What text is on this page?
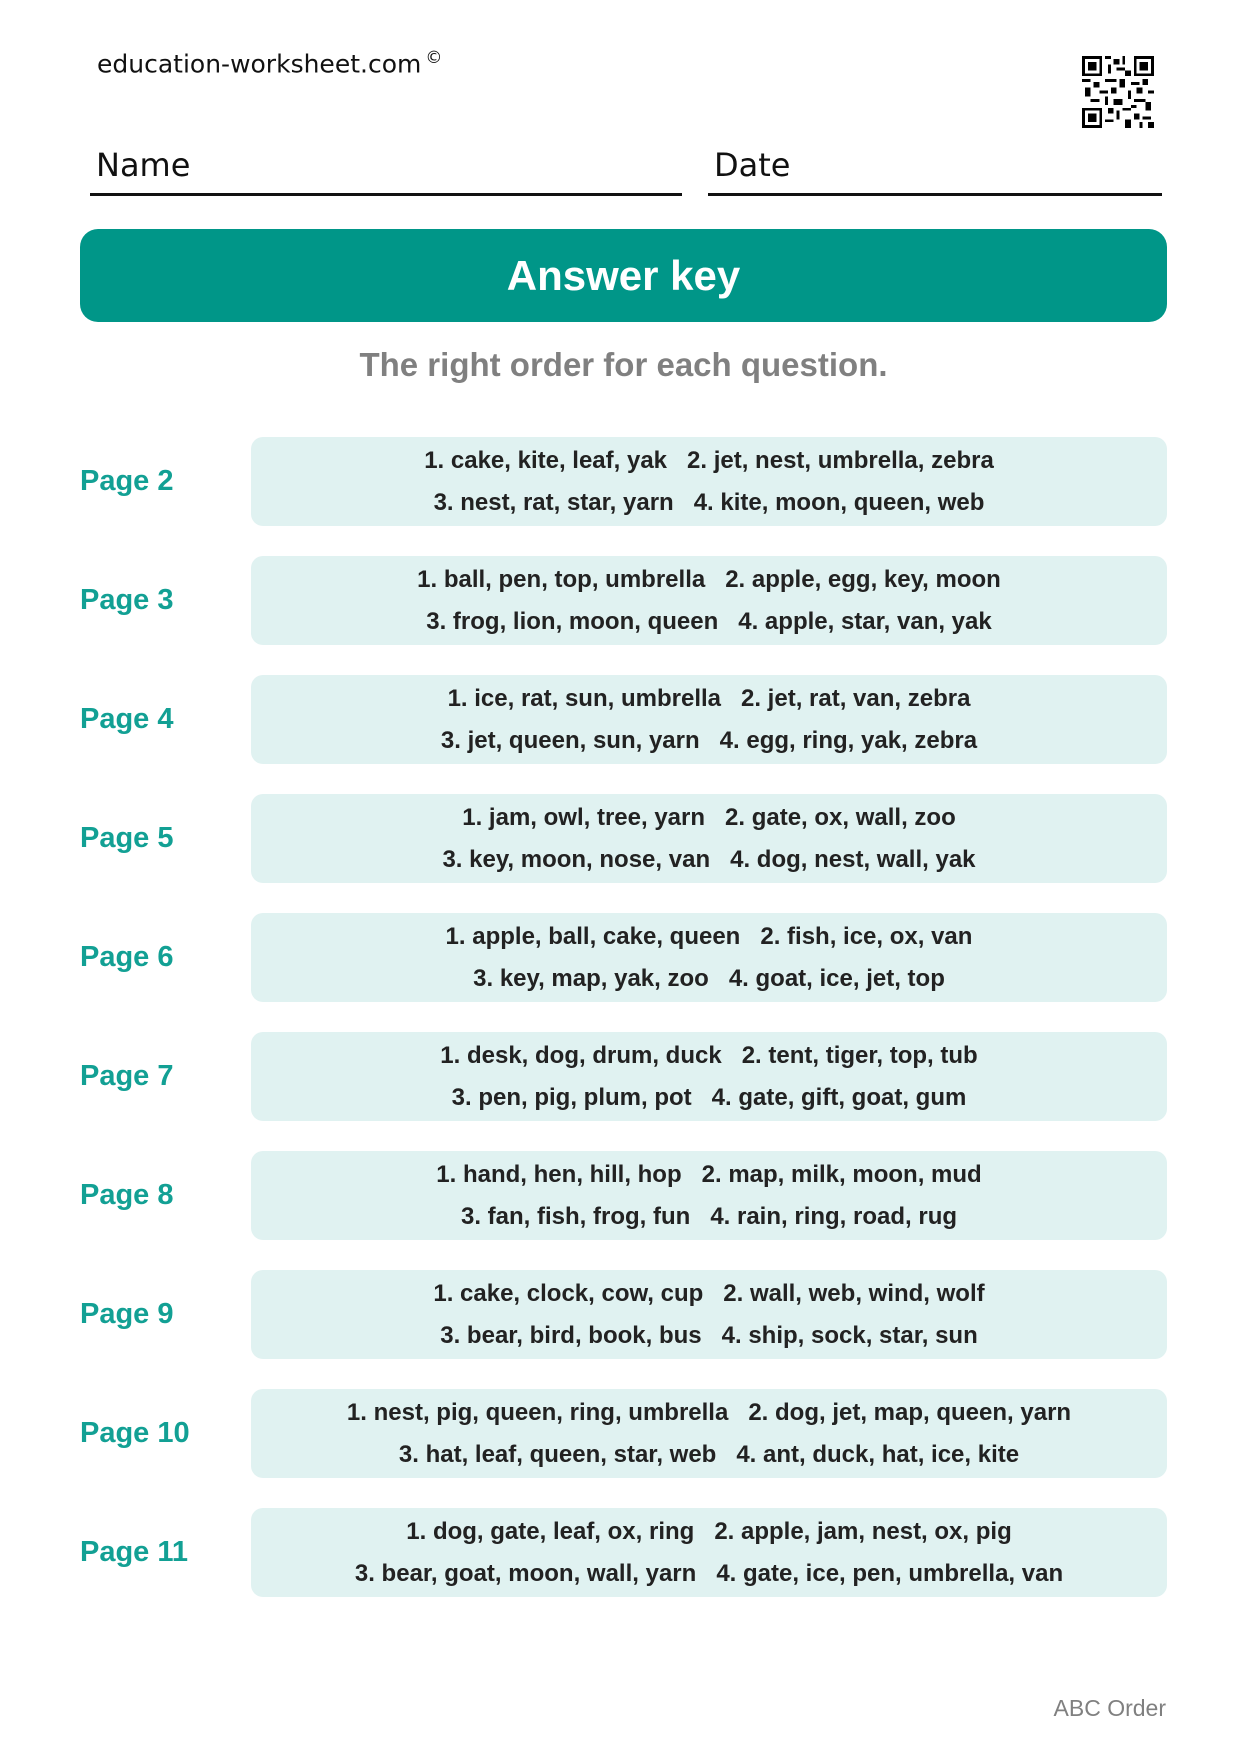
education-worksheet.com ©
Name	Date
Answer key
The right order for each question.
Page 2
1. cake, kite, leaf, yak 2. jet, nest, umbrella, zebra
3. nest, rat, star, yarn 4. kite, moon, queen, web
Page 3
1. ball, pen, top, umbrella 2. apple, egg, key, moon
3. frog, lion, moon, queen 4. apple, star, van, yak
Page 4
1. ice, rat, sun, umbrella 2. jet, rat, van, zebra
3. jet, queen, sun, yarn 4. egg, ring, yak, zebra
Page 5
1. jam, owl, tree, yarn 2. gate, ox, wall, zoo
3. key, moon, nose, van 4. dog, nest, wall, yak
Page 6
1. apple, ball, cake, queen 2. fish, ice, ox, van
3. key, map, yak, zoo 4. goat, ice, jet, top
Page 7
1. desk, dog, drum, duck 2. tent, tiger, top, tub
3. pen, pig, plum, pot 4. gate, gift, goat, gum
Page 8
1. hand, hen, hill, hop 2. map, milk, moon, mud
3. fan, fish, frog, fun 4. rain, ring, road, rug
Page 9
1. cake, clock, cow, cup 2. wall, web, wind, wolf
3. bear, bird, book, bus 4. ship, sock, star, sun
Page 10
1. nest, pig, queen, ring, umbrella 2. dog, jet, map, queen, yarn
3. hat, leaf, queen, star, web 4. ant, duck, hat, ice, kite
Page 11
1. dog, gate, leaf, ox, ring 2. apple, jam, nest, ox, pig
3. bear, goat, moon, wall, yarn 4. gate, ice, pen, umbrella, van
ABC Order
